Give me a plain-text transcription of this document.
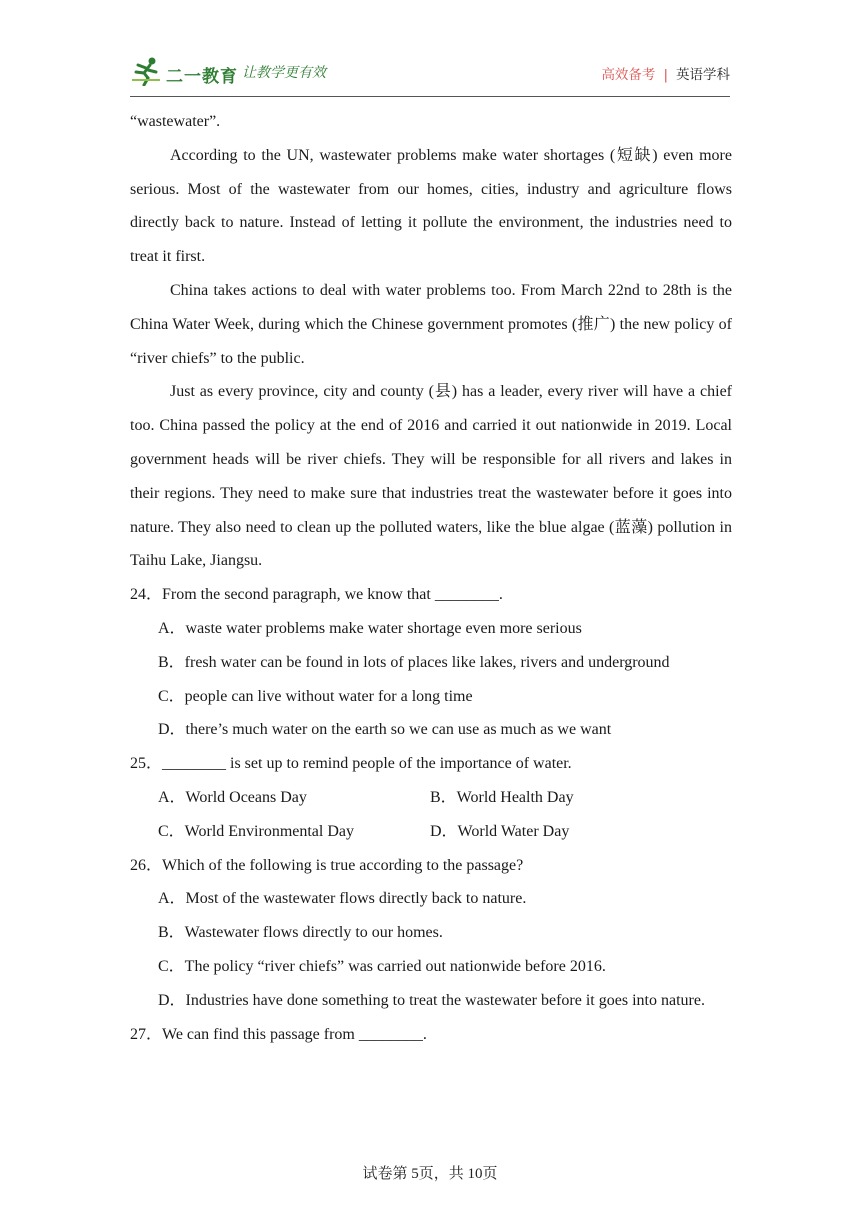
二一教育 让教学更有效	高效备考 | 英语学科

“wastewater”.

According to the UN, wastewater problems make water shortages (短缺) even more serious. Most of the wastewater from our homes, cities, industry and agriculture flows directly back to nature. Instead of letting it pollute the environment, the industries need to treat it first.

China takes actions to deal with water problems too. From March 22nd to 28th is the China Water Week, during which the Chinese government promotes (推广) the new policy of “river chiefs” to the public.

Just as every province, city and county (县) has a leader, every river will have a chief too. China passed the policy at the end of 2016 and carried it out nationwide in 2019. Local government heads will be river chiefs. They will be responsible for all rivers and lakes in their regions. They need to make sure that industries treat the wastewater before it goes into nature. They also need to clean up the polluted waters, like the blue algae (蓝藻) pollution in Taihu Lake, Jiangsu.

24．From the second paragraph, we know that ________.

A．waste water problems make water shortage even more serious

B．fresh water can be found in lots of places like lakes, rivers and underground

C．people can live without water for a long time

D．there’s much water on the earth so we can use as much as we want

25．________ is set up to remind people of the importance of water.

A．World Oceans Day	B．World Health Day
C．World Environmental Day	D．World Water Day

26．Which of the following is true according to the passage?

A．Most of the wastewater flows directly back to nature.

B．Wastewater flows directly to our homes.

C．The policy “river chiefs” was carried out nationwide before 2016.

D．Industries have done something to treat the wastewater before it goes into nature.

27．We can find this passage from ________.

试卷第 5页，共 10页
